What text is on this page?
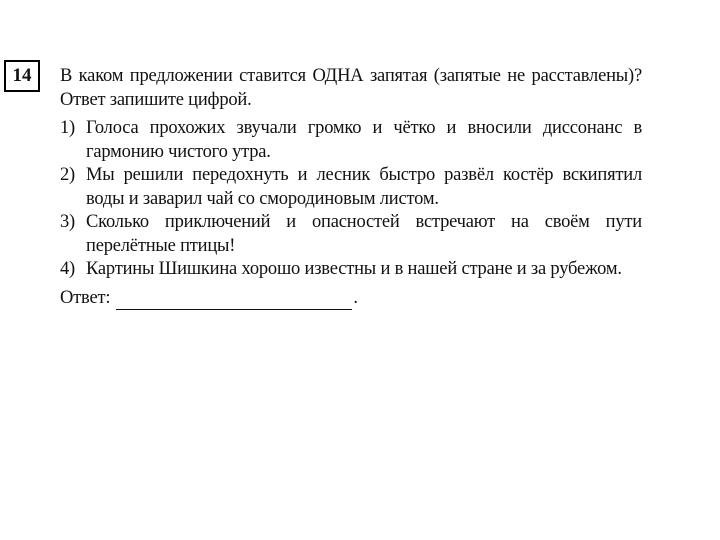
14 В каком предложении ставится ОДНА запятая (запятые не расставлены)? Ответ запишите цифрой.

1) Голоса прохожих звучали громко и чётко и вносили диссонанс в гармонию чистого утра.
2) Мы решили передохнуть и лесник быстро развёл костёр вскипятил воды и заварил чай со смородиновым листом.
3) Сколько приключений и опасностей встречают на своём пути перелётные птицы!
4) Картины Шишкина хорошо известны и в нашей стране и за рубежом.
Ответ:	.
